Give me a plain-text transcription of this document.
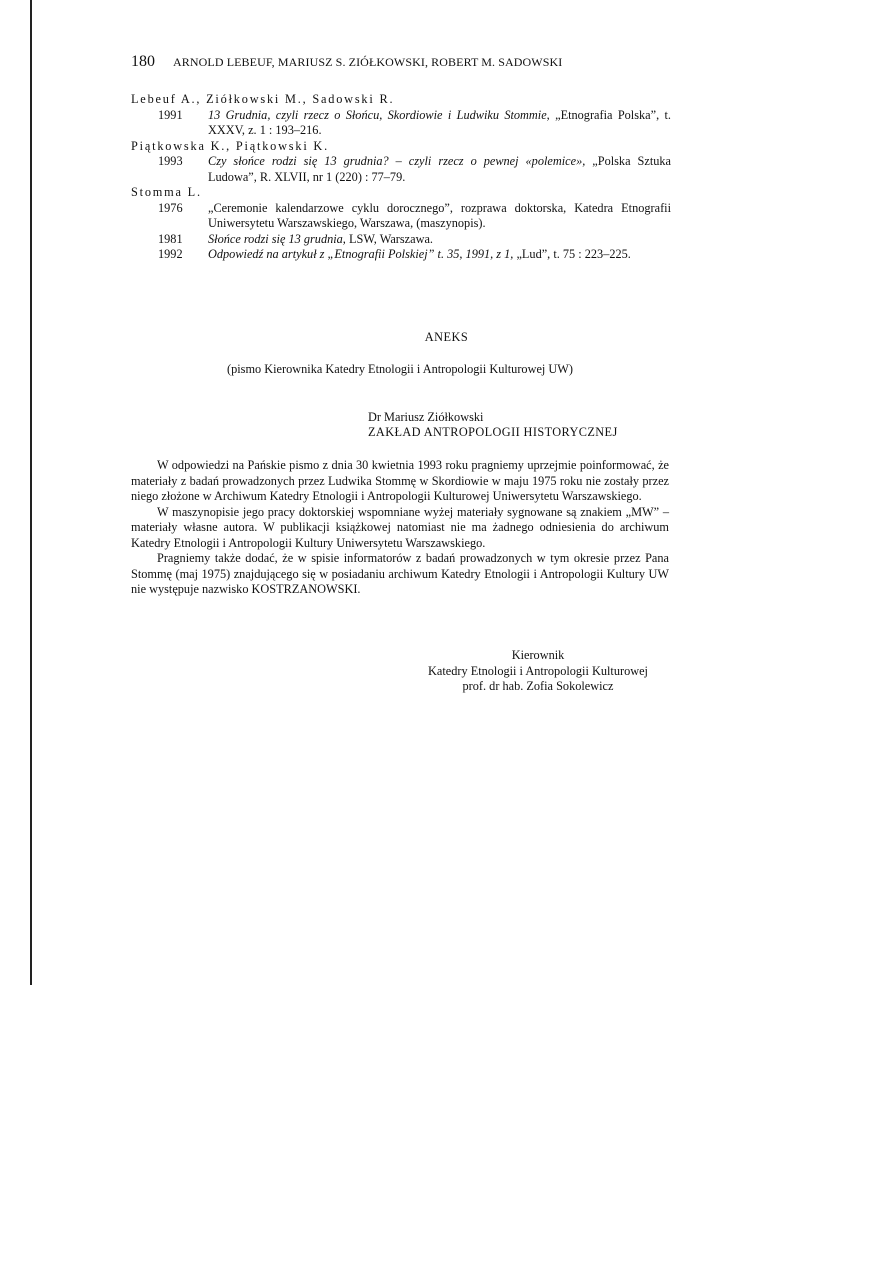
180 ARNOLD LEBEUF, MARIUSZ S. ZIÓŁKOWSKI, ROBERT M. SADOWSKI
Lebeuf A., Ziółkowski M., Sadowski R.
1991	13 Grudnia, czyli rzecz o Słońcu, Skordiowie i Ludwiku Stommie, „Etnografia Polska”, t. XXXV, z. 1 : 193–216.
Piątkowska K., Piątkowski K.
1993	Czy słońce rodzi się 13 grudnia? – czyli rzecz o pewnej «polemice», „Polska Sztuka Ludowa”, R. XLVII, nr 1 (220) : 77–79.
Stomma L.
1976	„Ceremonie kalendarzowe cyklu dorocznego”, rozprawa doktorska, Katedra Etnografii Uniwersytetu Warszawskiego, Warszawa, (maszynopis).
1981	Słońce rodzi się 13 grudnia, LSW, Warszawa.
1992	Odpowiedź na artykuł z „Etnografii Polskiej” t. 35, 1991, z 1, „Lud”, t. 75 : 223–225.
ANEKS
(pismo Kierownika Katedry Etnologii i Antropologii Kulturowej UW)
Dr Mariusz Ziółkowski
ZAKŁAD ANTROPOLOGII HISTORYCZNEJ

W odpowiedzi na Pańskie pismo z dnia 30 kwietnia 1993 roku pragniemy uprzejmie poinformować, że materiały z badań prowadzonych przez Ludwika Stommę w Skordiowie w maju 1975 roku nie zostały przez niego złożone w Archiwum Katedry Etnologii i Antropologii Kulturowej Uniwersytetu Warszawskiego.

W maszynopisie jego pracy doktorskiej wspomniane wyżej materiały sygnowane są znakiem „MW” – materiały własne autora. W publikacji książkowej natomiast nie ma żadnego odniesienia do archiwum Katedry Etnologii i Antropologii Kultury Uniwersytetu Warszawskiego.

Pragniemy także dodać, że w spisie informatorów z badań prowadzonych w tym okresie przez Pana Stommę (maj 1975) znajdującego się w posiadaniu archiwum Katedry Etnologii i Antropologii Kultury UW nie występuje nazwisko KOSTRZANOWSKI.

Kierownik
Katedry Etnologii i Antropologii Kulturowej
prof. dr hab. Zofia Sokolewicz
